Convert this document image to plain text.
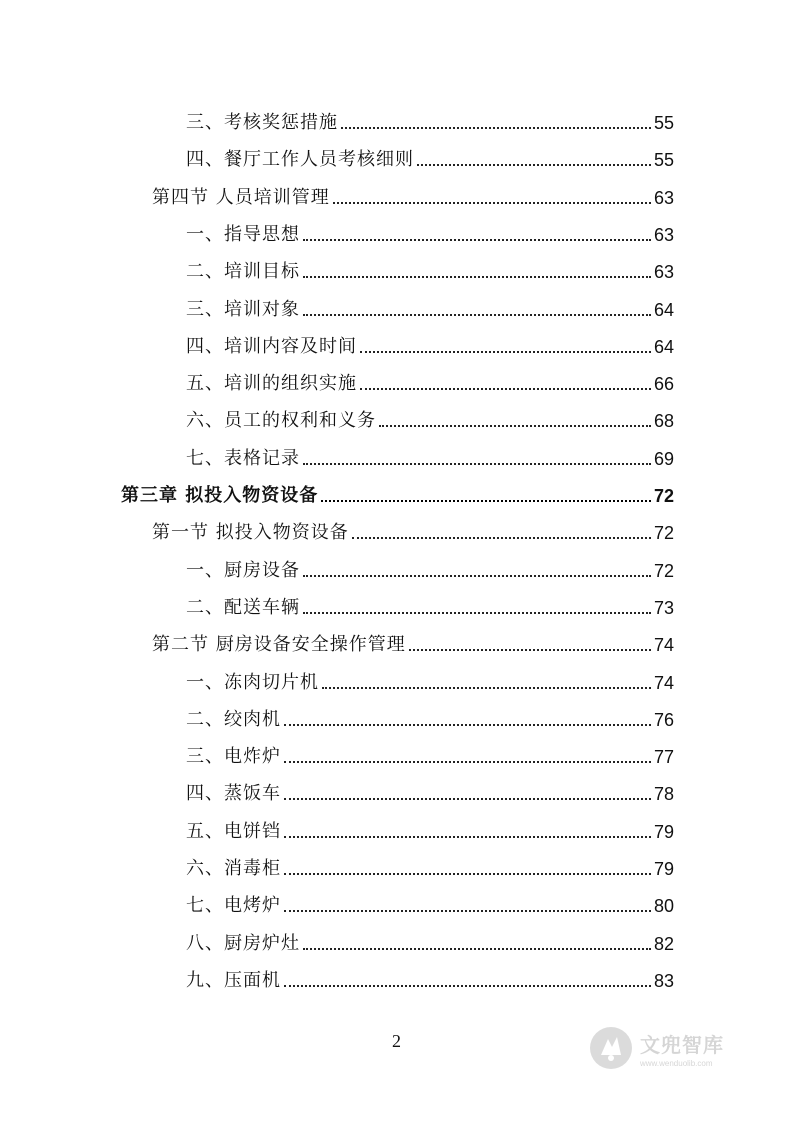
三、考核奖惩措施	55
四、餐厅工作人员考核细则	55
第四节 人员培训管理	63
一、指导思想	63
二、培训目标	63
三、培训对象	64
四、培训内容及时间	64
五、培训的组织实施	66
六、员工的权利和义务	68
七、表格记录	69
第三章 拟投入物资设备	72
第一节 拟投入物资设备	72
一、厨房设备	72
二、配送车辆	73
第二节 厨房设备安全操作管理	74
一、冻肉切片机	74
二、绞肉机	76
三、电炸炉	77
四、蒸饭车	78
五、电饼铛	79
六、消毒柜	79
七、电烤炉	80
八、厨房炉灶	82
九、压面机	83
2	文兜智库
www.wenduolib.com
